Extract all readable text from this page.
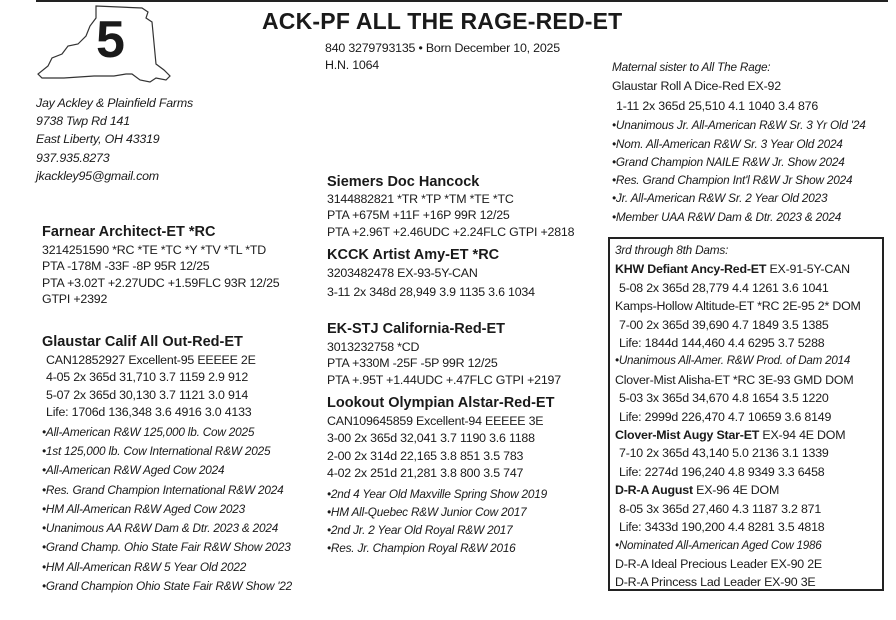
5	ACK-PF ALL THE RAGE-RED-ET
840 3279793135 • Born December 10, 2025
H.N. 1064
Jay Ackley & Plainfield Farms
9738 Twp Rd 141
East Liberty, OH 43319
937.935.8273
jkackley95@gmail.com	Siemers Doc Hancock
3144882821 *TR *TP *TM *TE *TC
PTA +675M +11F +16P 99R 12/25
PTA +2.96T +2.46UDC +2.24FLC GTPI +2818
Farnear Architect-ET *RC
3214251590 *RC *TE *TC *Y *TV *TL *TD
PTA -178M -33F -8P 95R 12/25
PTA +3.02T +2.27UDC +1.59FLC 93R 12/25
GTPI +2392
KCCK Artist Amy-ET *RC
3203482478 EX-93-5Y-CAN
3-11 2x 348d 28,949 3.9 1135 3.6 1034
EK-STJ California-Red-ET
3013232758 *CD
PTA +330M -25F -5P 99R 12/25
PTA +.95T +1.44UDC +.47FLC GTPI +2197
Glaustar Calif All Out-Red-ET
CAN12852927 Excellent-95 EEEEE 2E
4-05 2x 365d 31,710 3.7 1159 2.9 912
5-07 2x 365d 30,130 3.7 1121 3.0 914
Life: 1706d 136,348 3.6 4916 3.0 4133
•All-American R&W 125,000 lb. Cow 2025
•1st 125,000 lb. Cow International R&W 2025
•All-American R&W Aged Cow 2024
•Res. Grand Champion International R&W 2024
•HM All-American R&W Aged Cow 2023
•Unanimous AA R&W Dam & Dtr. 2023 & 2024
•Grand Champ. Ohio State Fair R&W Show 2023
•HM All-American R&W 5 Year Old 2022
•Grand Champion Ohio State Fair R&W Show '22
Lookout Olympian Alstar-Red-ET
CAN109645859 Excellent-94 EEEEE 3E
3-00 2x 365d 32,041 3.7 1190 3.6 1188
2-00 2x 314d 22,165 3.8 851 3.5 783
4-02 2x 251d 21,281 3.8 800 3.5 747
•2nd 4 Year Old Maxville Spring Show 2019
•HM All-Quebec R&W Junior Cow 2017
•2nd Jr. 2 Year Old Royal R&W 2017
•Res. Jr. Champion Royal R&W 2016
Maternal sister to All The Rage:
Glaustar Roll A Dice-Red EX-92
1-11 2x 365d 25,510 4.1 1040 3.4 876
•Unanimous Jr. All-American R&W Sr. 3 Yr Old '24
•Nom. All-American R&W Sr. 3 Year Old 2024
•Grand Champion NAILE R&W Jr. Show 2024
•Res. Grand Champion Int'l R&W Jr Show 2024
•Jr. All-American R&W Sr. 2 Year Old 2023
•Member UAA R&W Dam & Dtr. 2023 & 2024
3rd through 8th Dams:
KHW Defiant Ancy-Red-ET EX-91-5Y-CAN
5-08 2x 365d 28,779 4.4 1261 3.6 1041
Kamps-Hollow Altitude-ET *RC 2E-95 2* DOM
7-00 2x 365d 39,690 4.7 1849 3.5 1385
Life: 1844d 144,460 4.4 6295 3.7 5288
•Unanimous All-Amer. R&W Prod. of Dam 2014
Clover-Mist Alisha-ET *RC 3E-93 GMD DOM
5-03 3x 365d 34,670 4.8 1654 3.5 1220
Life: 2999d 226,470 4.7 10659 3.6 8149
Clover-Mist Augy Star-ET EX-94 4E DOM
7-10 2x 365d 43,140 5.0 2136 3.1 1339
Life: 2274d 196,240 4.8 9349 3.3 6458
D-R-A August EX-96 4E DOM
8-05 3x 365d 27,460 4.3 1187 3.2 871
Life: 3433d 190,200 4.4 8281 3.5 4818
•Nominated All-American Aged Cow 1986
D-R-A Ideal Precious Leader EX-90 2E
D-R-A Princess Lad Leader EX-90 3E
